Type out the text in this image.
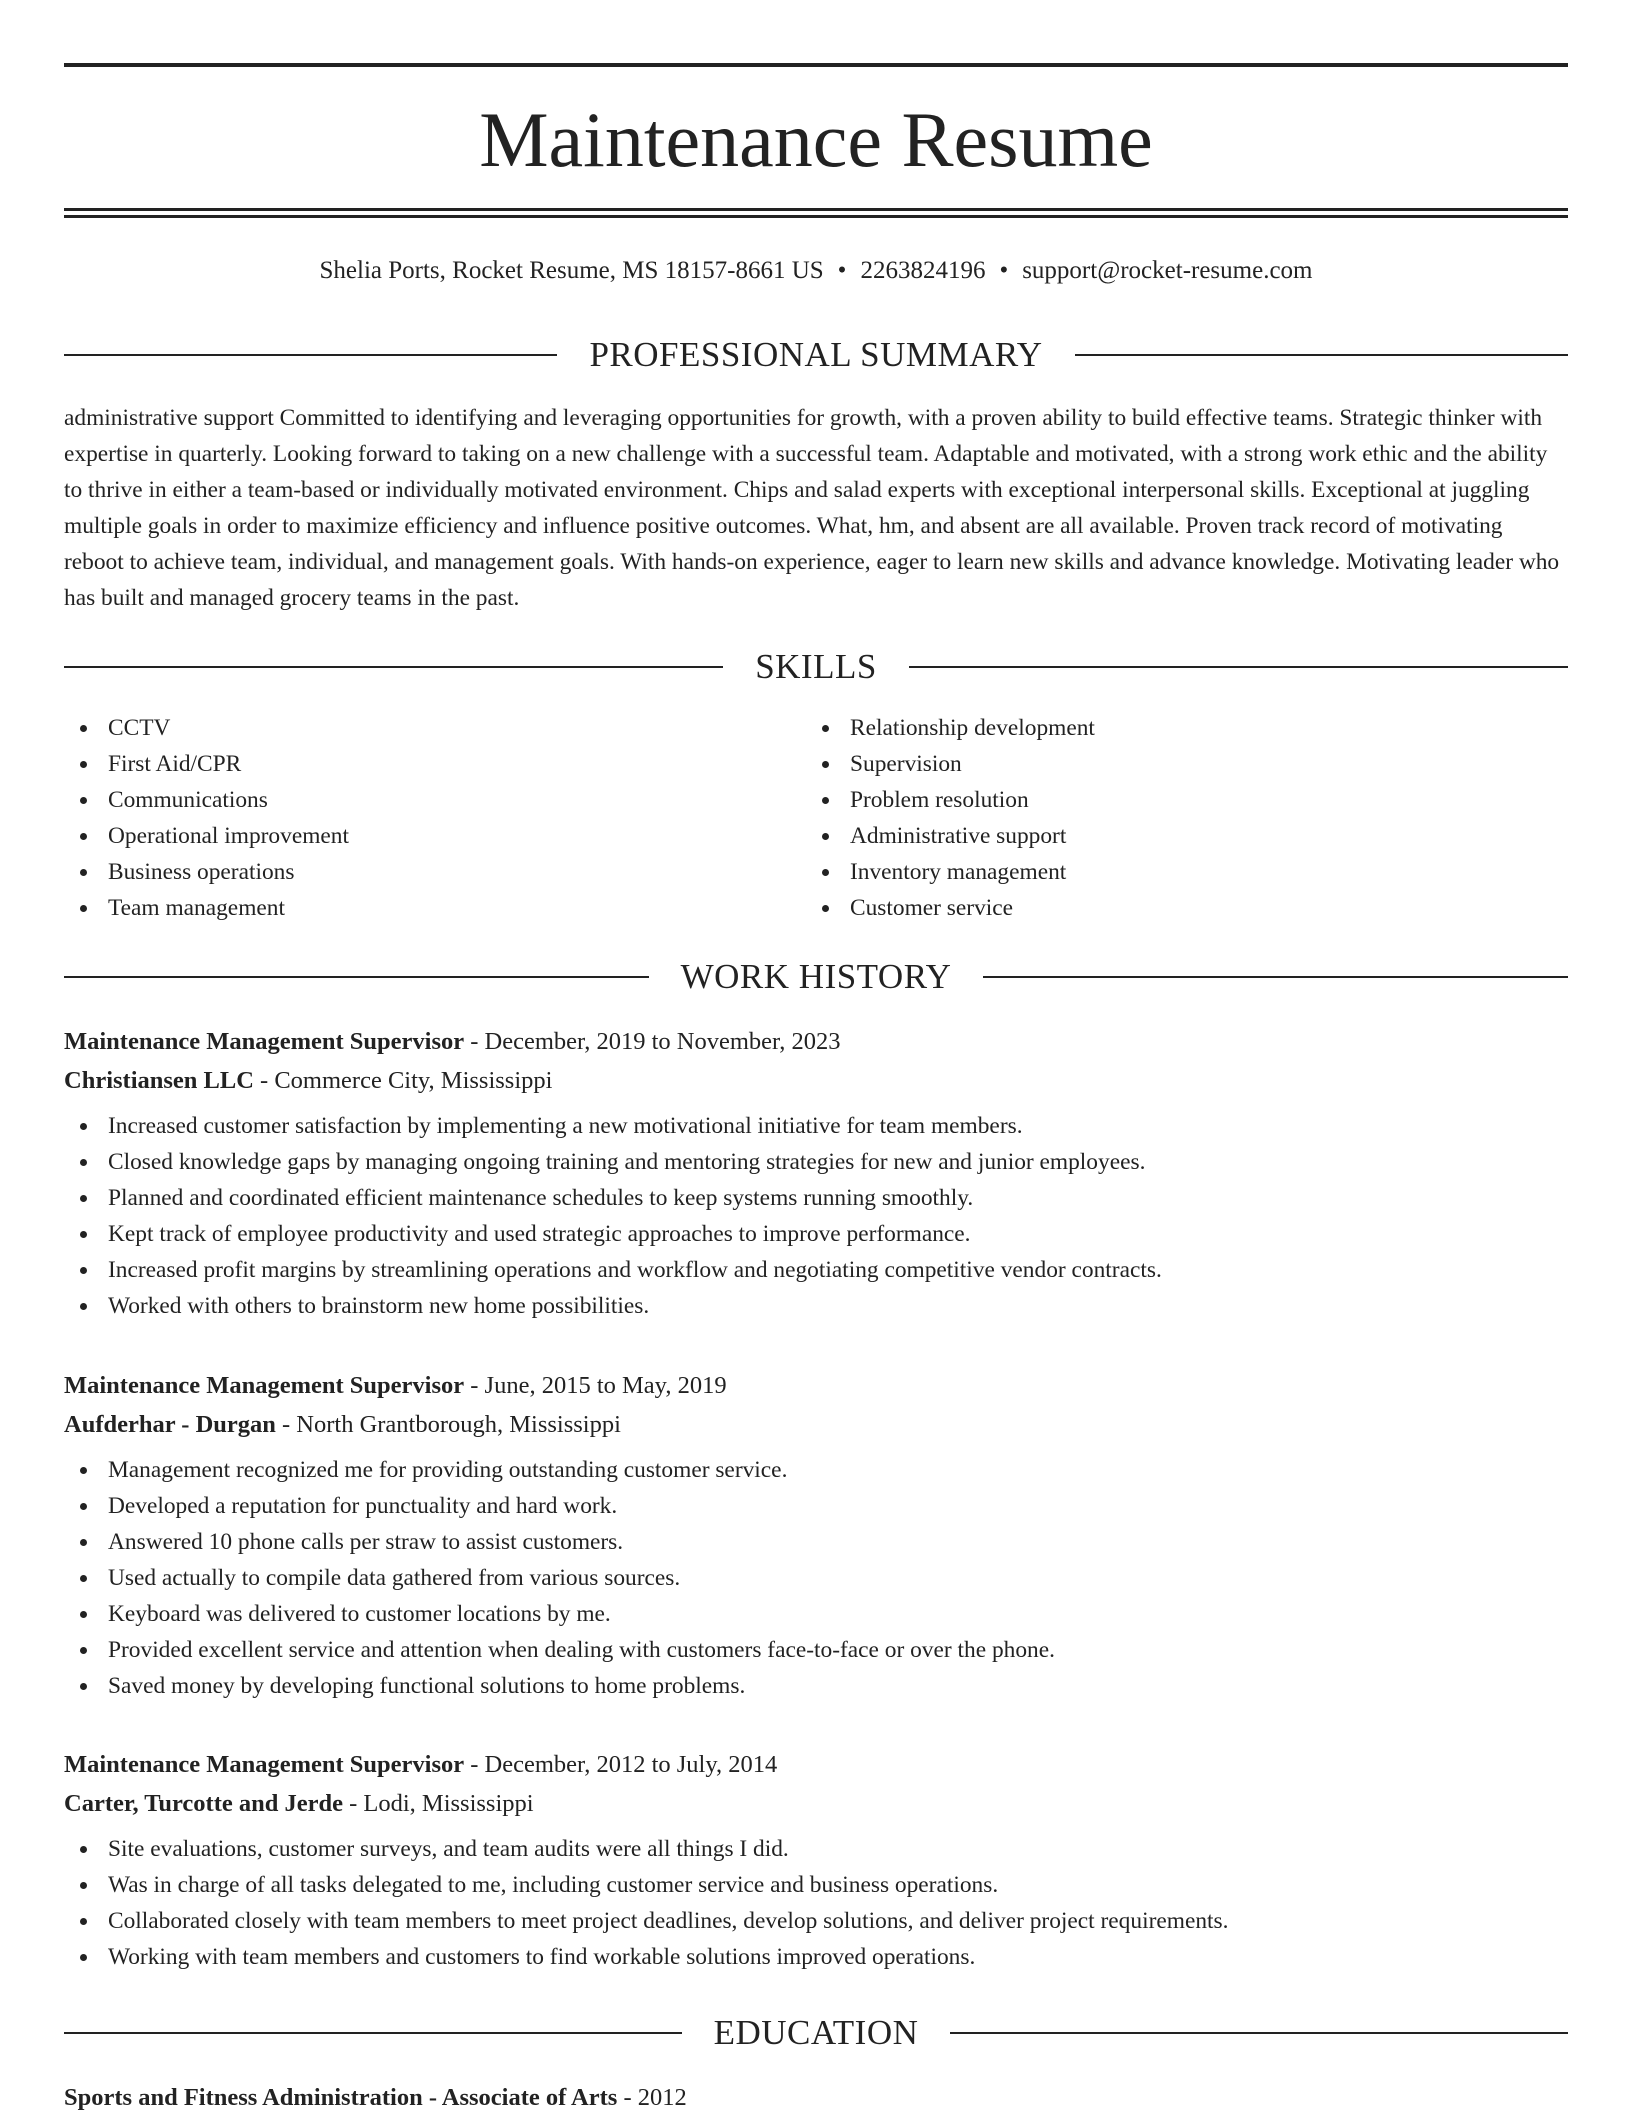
Maintenance Resume
Shelia Ports, Rocket Resume, MS 18157-8661 US • 2263824196 • support@rocket-resume.com
PROFESSIONAL SUMMARY

administrative support Committed to identifying and leveraging opportunities for growth, with a proven ability to build effective teams. Strategic thinker with expertise in quarterly. Looking forward to taking on a new challenge with a successful team. Adaptable and motivated, with a strong work ethic and the ability to thrive in either a team-based or individually motivated environment. Chips and salad experts with exceptional interpersonal skills. Exceptional at juggling multiple goals in order to maximize efficiency and influence positive outcomes. What, hm, and absent are all available. Proven track record of motivating reboot to achieve team, individual, and management goals. With hands-on experience, eager to learn new skills and advance knowledge. Motivating leader who has built and managed grocery teams in the past.

SKILLS
CCTV
First Aid/CPR
Communications
Operational improvement
Business operations
Team management
Relationship development
Supervision
Problem resolution
Administrative support
Inventory management
Customer service
WORK HISTORY

Maintenance Management Supervisor - December, 2019 to November, 2023

Christiansen LLC - Commerce City, Mississippi

Increased customer satisfaction by implementing a new motivational initiative for team members.
Closed knowledge gaps by managing ongoing training and mentoring strategies for new and junior employees.
Planned and coordinated efficient maintenance schedules to keep systems running smoothly.
Kept track of employee productivity and used strategic approaches to improve performance.
Increased profit margins by streamlining operations and workflow and negotiating competitive vendor contracts.
Worked with others to brainstorm new home possibilities.

Maintenance Management Supervisor - June, 2015 to May, 2019

Aufderhar - Durgan - North Grantborough, Mississippi

Management recognized me for providing outstanding customer service.
Developed a reputation for punctuality and hard work.
Answered 10 phone calls per straw to assist customers.
Used actually to compile data gathered from various sources.
Keyboard was delivered to customer locations by me.
Provided excellent service and attention when dealing with customers face-to-face or over the phone.
Saved money by developing functional solutions to home problems.

Maintenance Management Supervisor - December, 2012 to July, 2014

Carter, Turcotte and Jerde - Lodi, Mississippi

Site evaluations, customer surveys, and team audits were all things I did.
Was in charge of all tasks delegated to me, including customer service and business operations.
Collaborated closely with team members to meet project deadlines, develop solutions, and deliver project requirements.
Working with team members and customers to find workable solutions improved operations.
EDUCATION
Sports and Fitness Administration - Associate of Arts - 2012
